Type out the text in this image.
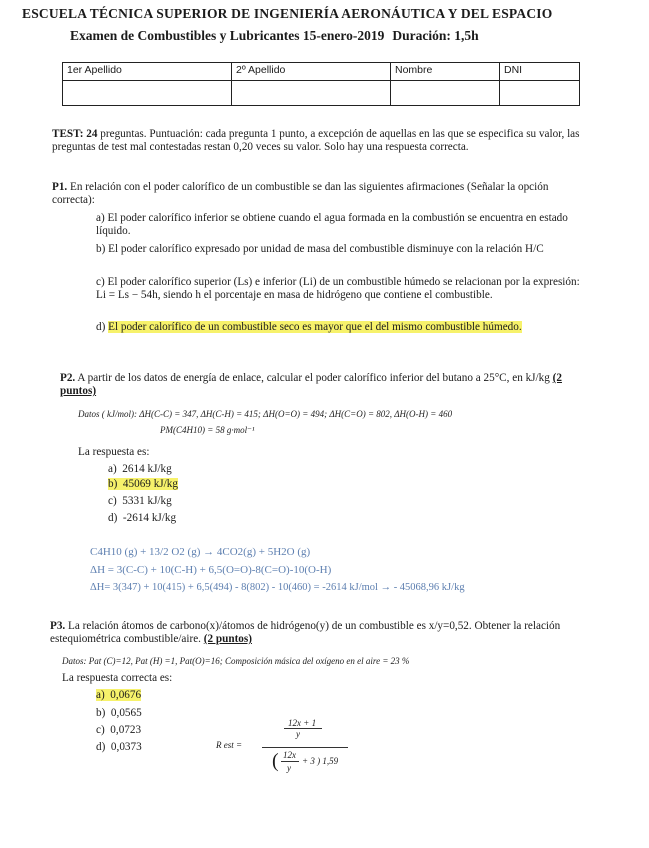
ESCUELA TÉCNICA SUPERIOR DE INGENIERÍA AERONÁUTICA Y DEL ESPACIO
Examen de Combustibles y Lubricantes 15-enero-2019 Duración: 1,5h
1er Apellido	2º Apellido	Nombre	DNI

TEST: 24 preguntas. Puntuación: cada pregunta 1 punto, a excepción de aquellas en las que se especifica su valor, las preguntas de test mal contestadas restan 0,20 veces su valor. Solo hay una respuesta correcta.
P1. En relación con el poder calorífico de un combustible se dan las siguientes afirmaciones (Señalar la opción correcta):
a) El poder calorífico inferior se obtiene cuando el agua formada en la combustión se encuentra en estado líquido.
b) El poder calorífico expresado por unidad de masa del combustible disminuye con la relación H/C
c) El poder calorífico superior (Ls) e inferior (Li) de un combustible húmedo se relacionan por la expresión: Li = Ls − 54h, siendo h el porcentaje en masa de hidrógeno que contiene el combustible.
d) El poder calorífico de un combustible seco es mayor que el del mismo combustible húmedo.
P2. A partir de los datos de energía de enlace, calcular el poder calorífico inferior del butano a 25°C, en kJ/kg (2 puntos)
Datos ( kJ/mol): ΔH(C-C) = 347, ΔH(C-H) = 415; ΔH(O=O) = 494; ΔH(C=O) = 802, ΔH(O-H) = 460
PM(C4H10) = 58 g·mol⁻¹
La respuesta es:
a) 2614 kJ/kg
b) 45069 kJ/kg
c) 5331 kJ/kg
d) -2614 kJ/kg
C4H10 (g) + 13/2 O2 (g) → 4CO2(g) + 5H2O (g)
ΔH = 3(C-C) + 10(C-H) + 6,5(O=O)-8(C=O)-10(O-H)
ΔH= 3(347) + 10(415) + 6,5(494) - 8(802) - 10(460) = -2614 kJ/mol → - 45068,96 kJ/kg
P3. La relación átomos de carbono(x)/átomos de hidrógeno(y) de un combustible es x/y=0,52. Obtener la relación estequiométrica combustible/aire. (2 puntos)
Datos: Pat (C)=12, Pat (H) =1, Pat(O)=16; Composición másica del oxígeno en el aire = 23 %
La respuesta correcta es:
a) 0,0676
b) 0,0565
c) 0,0723
d) 0,0373	R est =
12x + 1
y
( 12x
y
+ 3 ) 1,59
